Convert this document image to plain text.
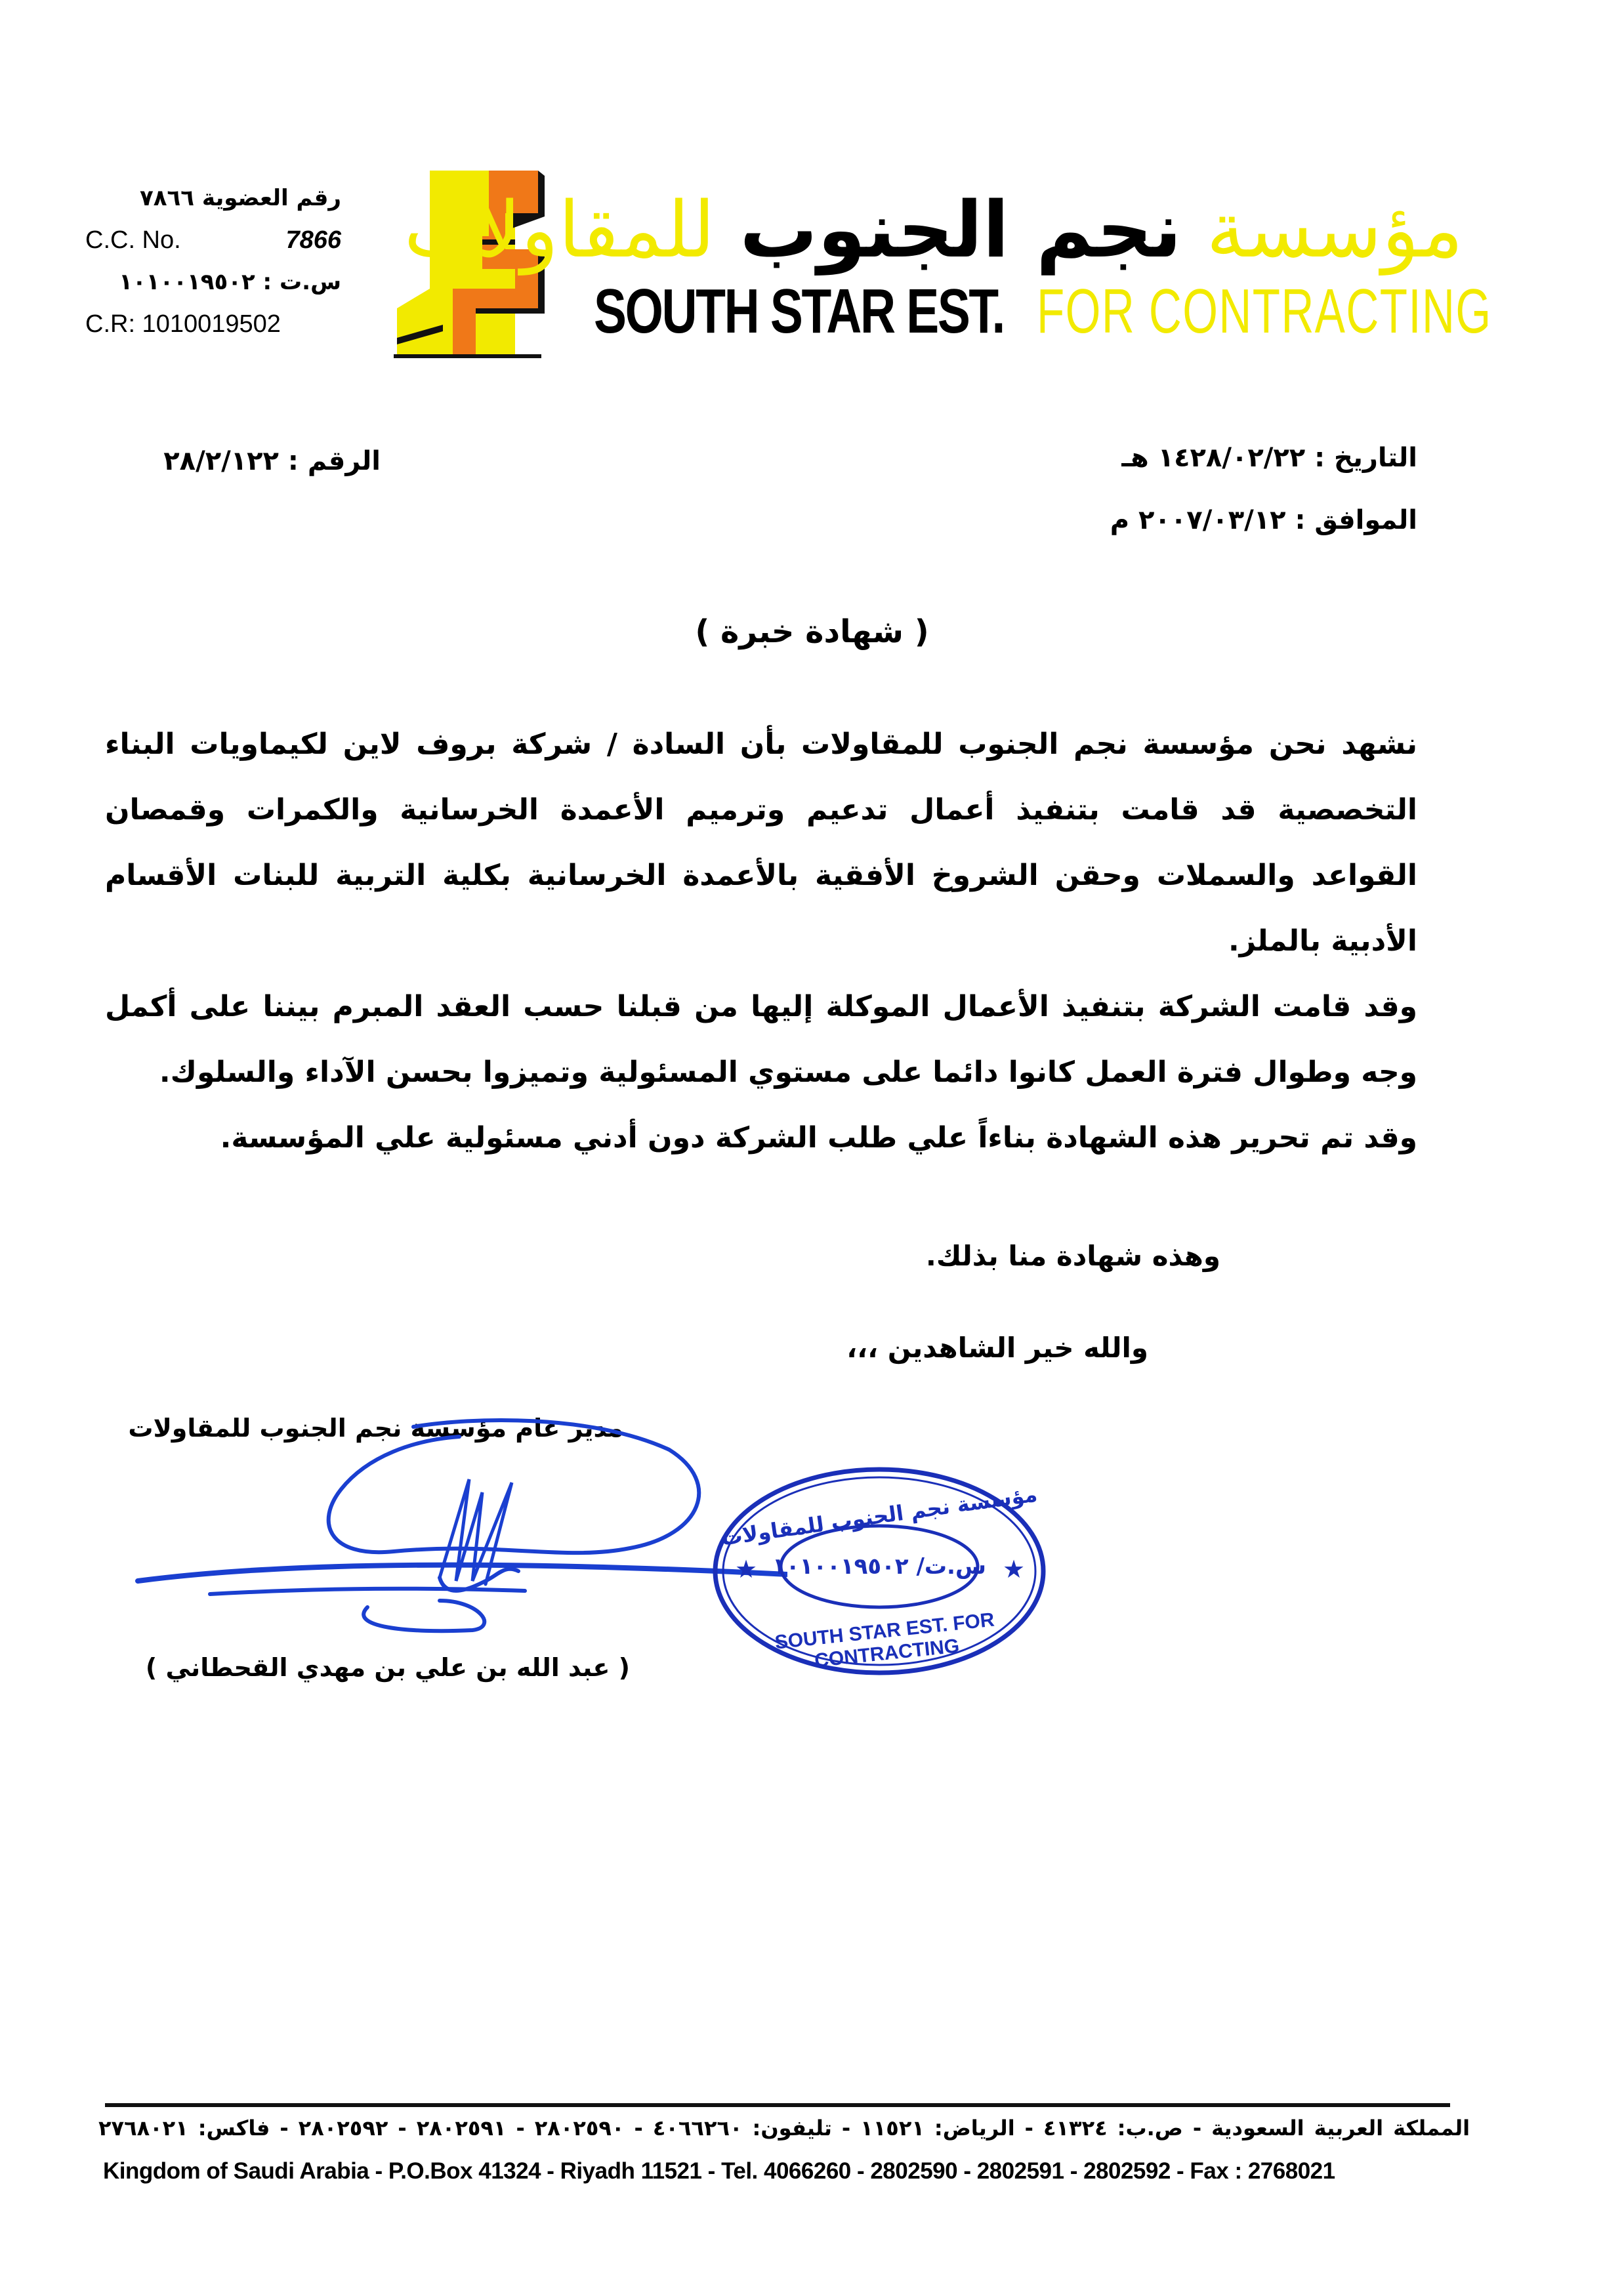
رقم العضوية ٧٨٦٦
C.C. No.	7866
س.ت : ١٠١٠٠١٩٥٠٢
C.R: 1010019502
مؤسسة نجم الجنوب للمقاولات
SOUTH STAR EST. FOR CONTRACTING
الرقم : ٢٨/٢/١٢٢	التاريخ : ١٤٢٨/٠٢/٢٢ هـ
الموافق : ٢٠٠٧/٠٣/١٢ م
( شهادة خبرة )

نشهد نحن مؤسسة نجم الجنوب للمقاولات بأن السادة / شركة بروف لاين لكيماويات البناء التخصصية قد قامت بتنفيذ أعمال تدعيم وترميم الأعمدة الخرسانية والكمرات وقمصان القواعد والسملات وحقن الشروخ الأفقية بالأعمدة الخرسانية بكلية التربية للبنات الأقسام الأدبية بالملز.

وقد قامت الشركة بتنفيذ الأعمال الموكلة إليها من قبلنا حسب العقد المبرم بيننا على أكمل وجه وطوال فترة العمل كانوا دائما على مستوي المسئولية وتميزوا بحسن الآداء والسلوك.

وقد تم تحرير هذه الشهادة بناءاً علي طلب الشركة دون أدني مسئولية علي المؤسسة.

وهذه شهادة منا بذلك.
والله خير الشاهدين ،،،
مدير عام مؤسسة نجم الجنوب للمقاولات
مؤسسة نجم الجنوب للمقاولات
س.ت/ ١٠١٠٠١٩٥٠٢
★	★
SOUTH STAR EST. FOR CONTRACTING
( عبد الله بن علي بن مهدي القحطاني )
المملكة العربية السعودية - ص.ب: ٤١٣٢٤ - الرياض: ١١٥٢١ - تليفون: ٤٠٦٦٢٦٠ - ٢٨٠٢٥٩٠ - ٢٨٠٢٥٩١ - ٢٨٠٢٥٩٢ - فاكس: ٢٧٦٨٠٢١
Kingdom of Saudi Arabia - P.O.Box 41324 - Riyadh 11521 - Tel. 4066260 - 2802590 - 2802591 - 2802592 - Fax : 2768021
